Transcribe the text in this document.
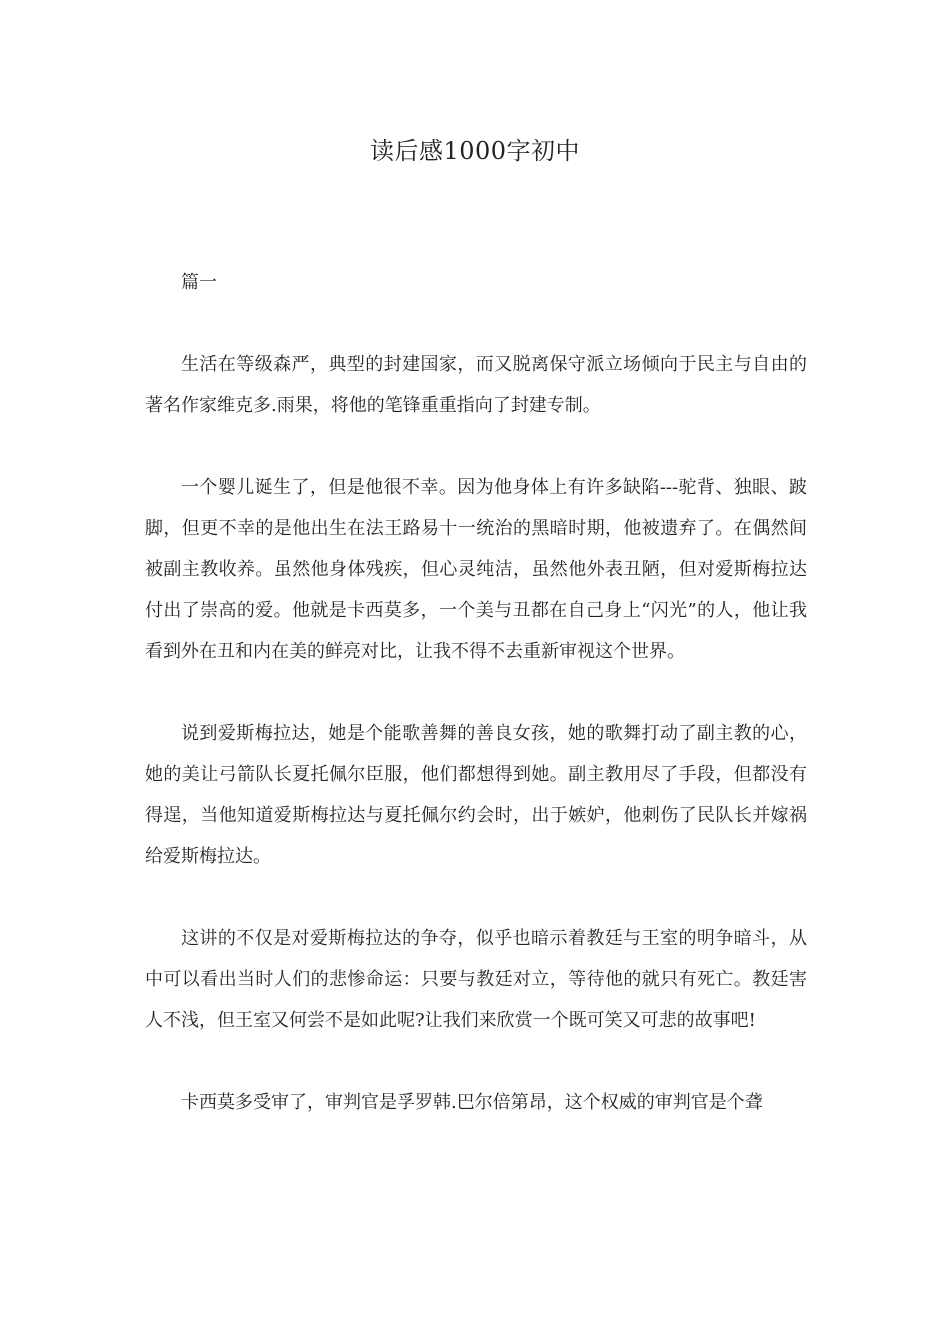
读后感1000字初中

篇一

生活在等级森严，典型的封建国家，而又脱离保守派立场倾向于民主与自由的著名作家维克多.雨果，将他的笔锋重重指向了封建专制。

一个婴儿诞生了，但是他很不幸。因为他身体上有许多缺陷---驼背、独眼、跛脚，但更不幸的是他出生在法王路易十一统治的黑暗时期，他被遗弃了。在偶然间被副主教收养。虽然他身体残疾，但心灵纯洁，虽然他外表丑陋，但对爱斯梅拉达付出了崇高的爱。他就是卡西莫多，一个美与丑都在自己身上“闪光”的人，他让我看到外在丑和内在美的鲜亮对比，让我不得不去重新审视这个世界。

说到爱斯梅拉达，她是个能歌善舞的善良女孩，她的歌舞打动了副主教的心，她的美让弓箭队长夏托佩尔臣服，他们都想得到她。副主教用尽了手段，但都没有得逞，当他知道爱斯梅拉达与夏托佩尔约会时，出于嫉妒，他刺伤了民队长并嫁祸给爱斯梅拉达。

这讲的不仅是对爱斯梅拉达的争夺，似乎也暗示着教廷与王室的明争暗斗，从中可以看出当时人们的悲惨命运：只要与教廷对立，等待他的就只有死亡。教廷害人不浅，但王室又何尝不是如此呢?让我们来欣赏一个既可笑又可悲的故事吧!

卡西莫多受审了，审判官是孚罗韩.巴尔倍第昂，这个权威的审判官是个聋
